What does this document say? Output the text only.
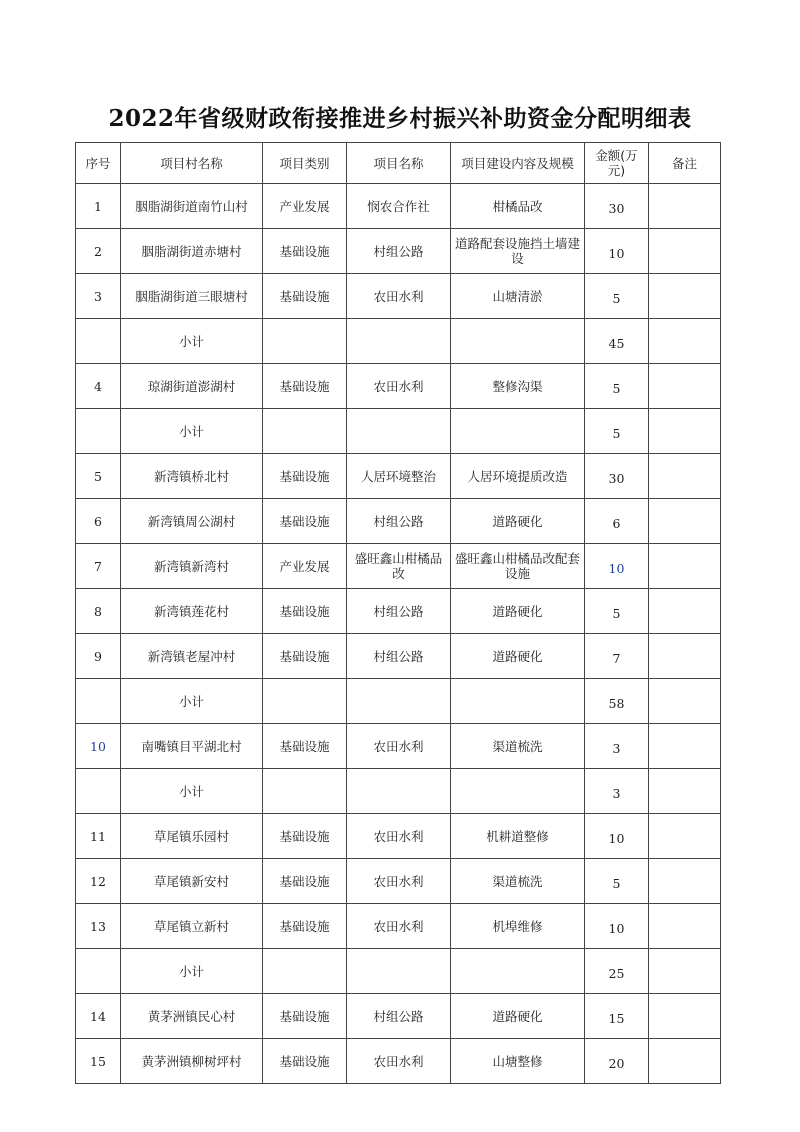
2022年省级财政衔接推进乡村振兴补助资金分配明细表
序号	项目村名称	项目类别	项目名称	项目建设内容及规模	金额(万元)	备注
1	胭脂湖街道南竹山村	产业发展	悯农合作社	柑橘品改	30	
2	胭脂湖街道赤塘村	基础设施	村组公路	道路配套设施挡土墙建设	10	
3	胭脂湖街道三眼塘村	基础设施	农田水利	山塘清淤	5	
	小计				45	
4	琼湖街道澎湖村	基础设施	农田水利	整修沟渠	5	
	小计				5	
5	新湾镇桥北村	基础设施	人居环境整治	人居环境提质改造	30	
6	新湾镇周公湖村	基础设施	村组公路	道路硬化	6	
7	新湾镇新湾村	产业发展	盛旺鑫山柑橘品改	盛旺鑫山柑橘品改配套设施	10	
8	新湾镇莲花村	基础设施	村组公路	道路硬化	5	
9	新湾镇老屋冲村	基础设施	村组公路	道路硬化	7	
	小计				58	
10	南嘴镇目平湖北村	基础设施	农田水利	渠道梳洗	3	
	小计				3	
11	草尾镇乐园村	基础设施	农田水利	机耕道整修	10	
12	草尾镇新安村	基础设施	农田水利	渠道梳洗	5	
13	草尾镇立新村	基础设施	农田水利	机埠维修	10	
	小计				25	
14	黄茅洲镇民心村	基础设施	村组公路	道路硬化	15	
15	黄茅洲镇柳树坪村	基础设施	农田水利	山塘整修	20	
